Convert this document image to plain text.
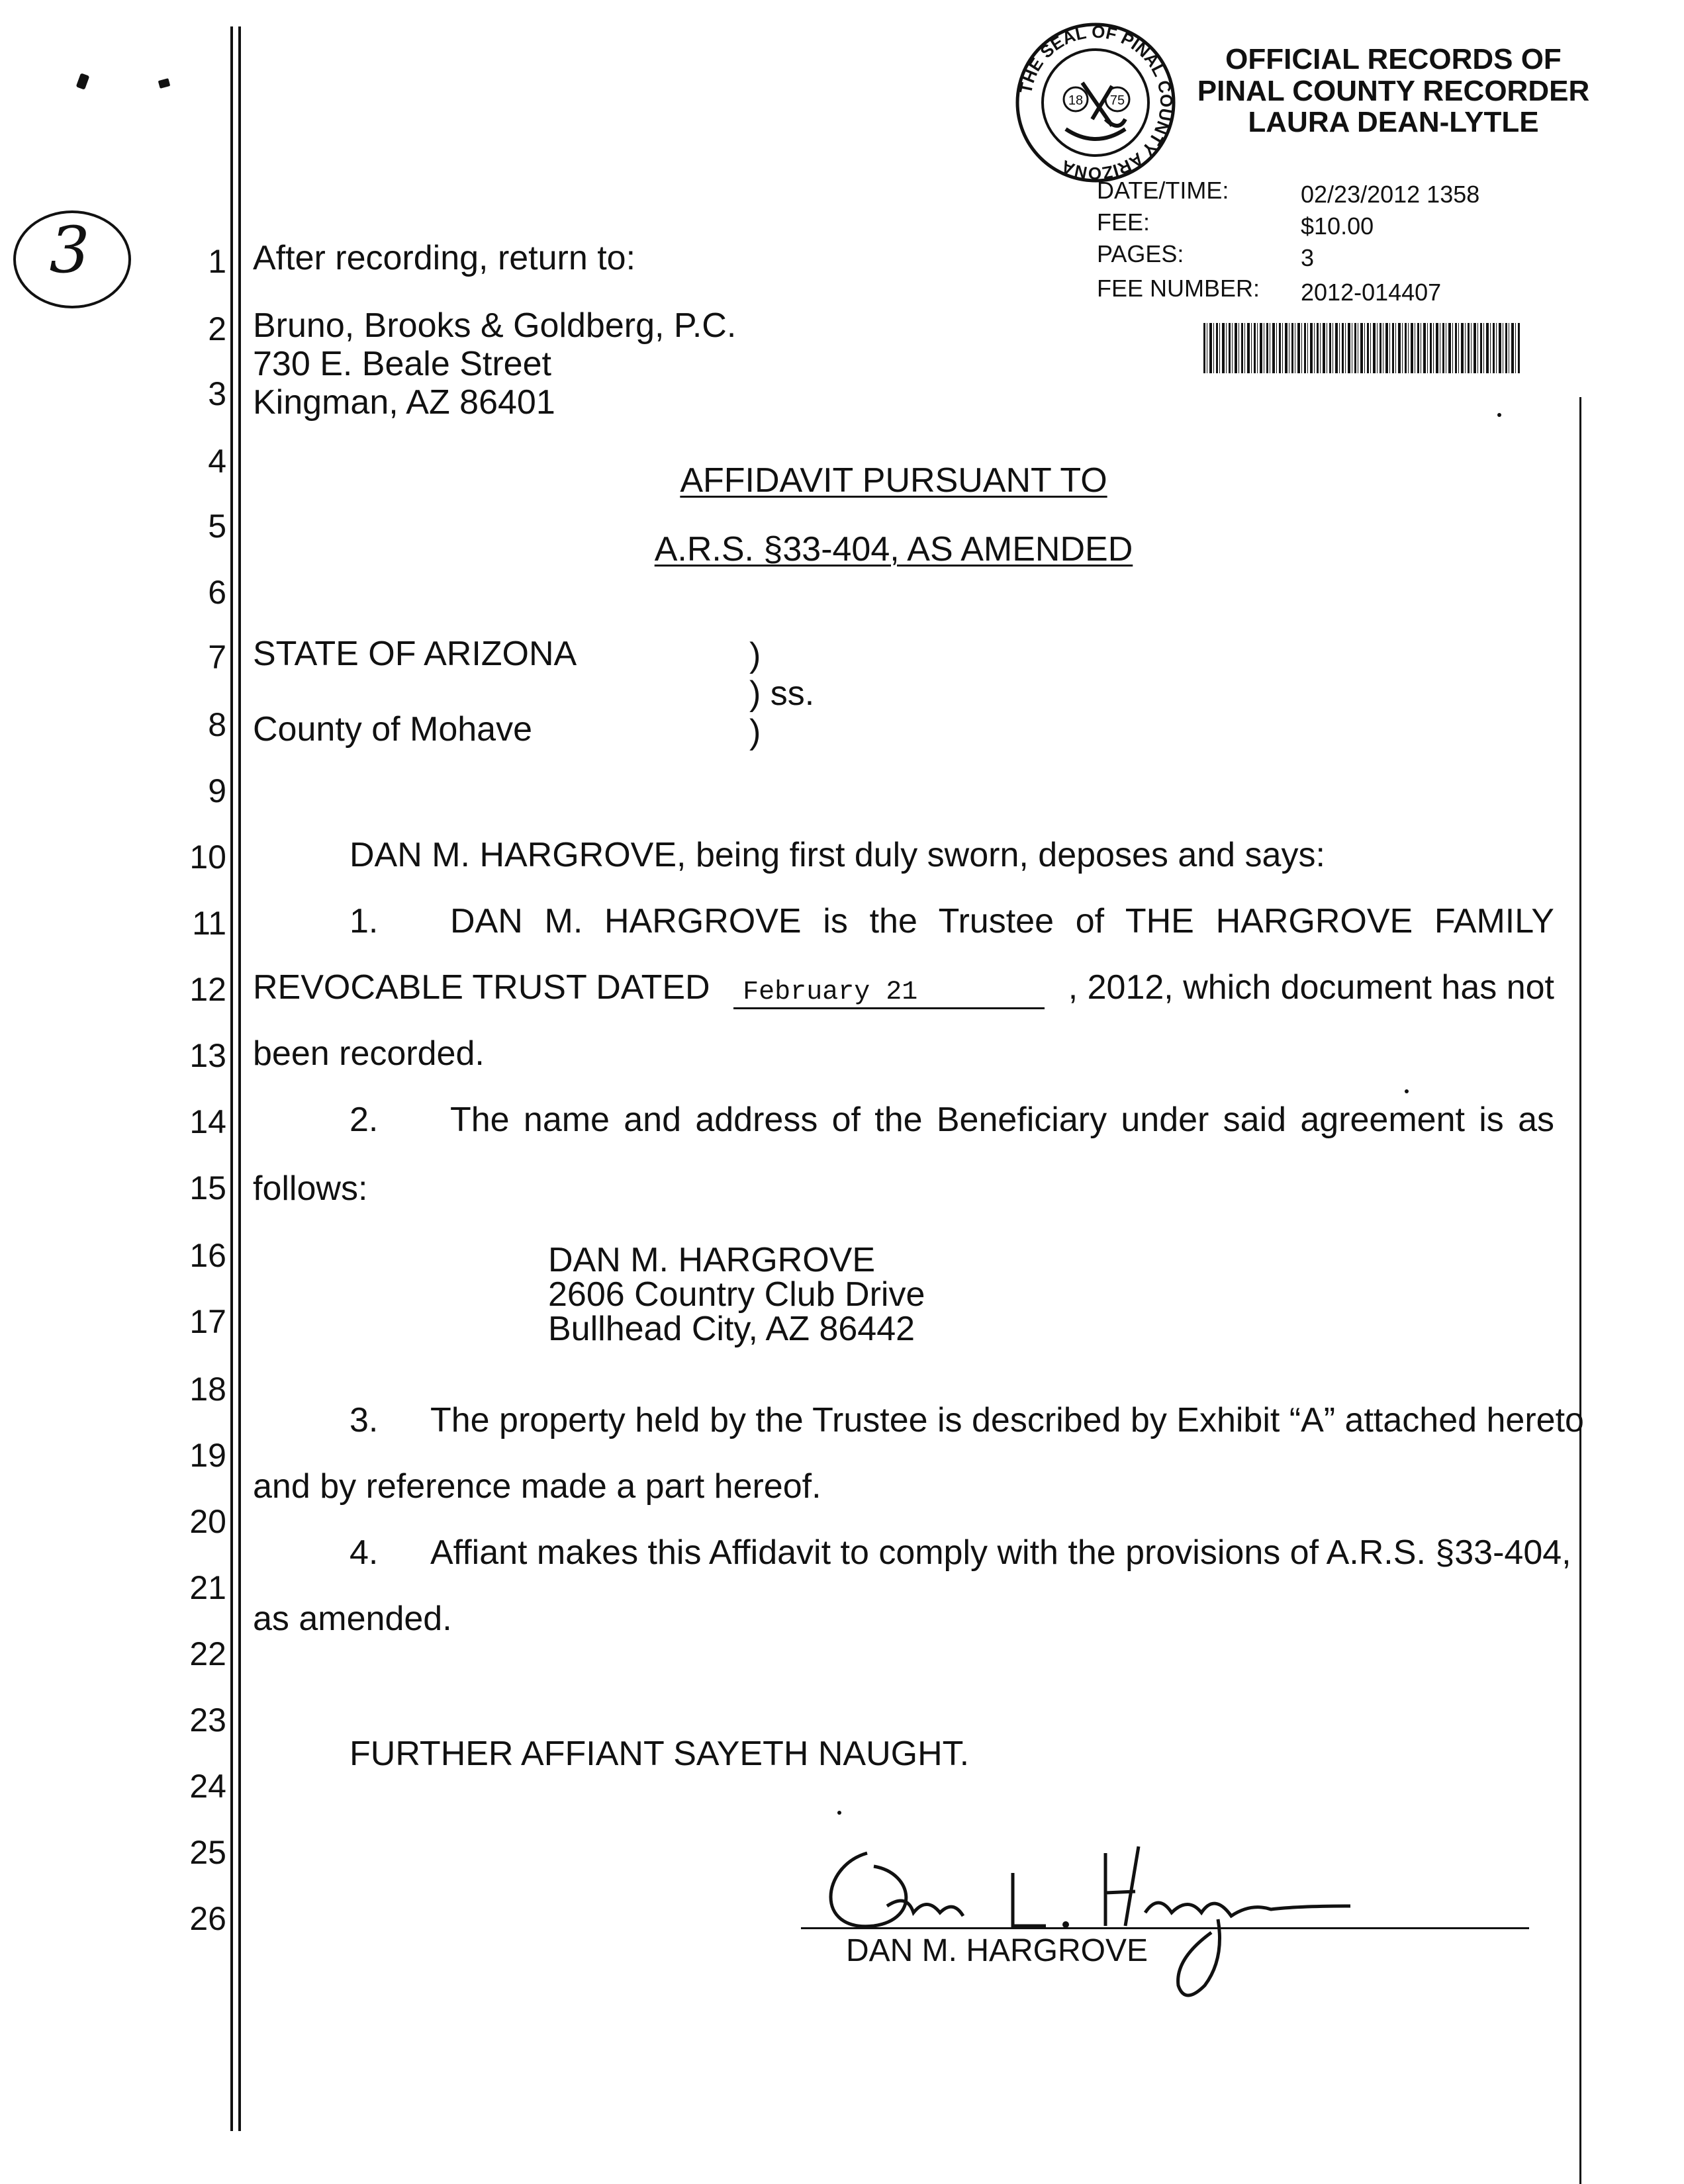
3
18 75
THE SEAL OF PINAL COUNTY ARIZONA
OFFICIAL RECORDS OF
PINAL COUNTY RECORDER
LAURA DEAN-LYTLE
DATE/TIME:	02/23/2012 1358
FEE:	$10.00
PAGES:	3
FEE NUMBER: 2012-014407
1
2
3
4
5
6
7
8
9
10
11
12
13
14
15
16
17
18
19
20
21
22
23
24
25
26
After recording, return to:
Bruno, Brooks & Goldberg, P.C.
730 E. Beale Street
Kingman, AZ 86401
AFFIDAVIT PURSUANT TO
A.R.S. §33-404, AS AMENDED
STATE OF ARIZONA
County of Mohave
)
) ss.
)
DAN M. HARGROVE, being first duly sworn, deposes and says:
1. DAN M. HARGROVE is the Trustee of THE HARGROVE FAMILY
REVOCABLE TRUST DATED	February 21	, 2012, which document has not
been recorded.
2. The name and address of the Beneficiary under said agreement is as
follows:
DAN M. HARGROVE
2606 Country Club Drive
Bullhead City, AZ 86442
3. The property held by the Trustee is described by Exhibit “A” attached hereto
and by reference made a part hereof.
4. Affiant makes this Affidavit to comply with the provisions of A.R.S. §33-404,
as amended.
FURTHER AFFIANT SAYETH NAUGHT.
DAN M. HARGROVE
